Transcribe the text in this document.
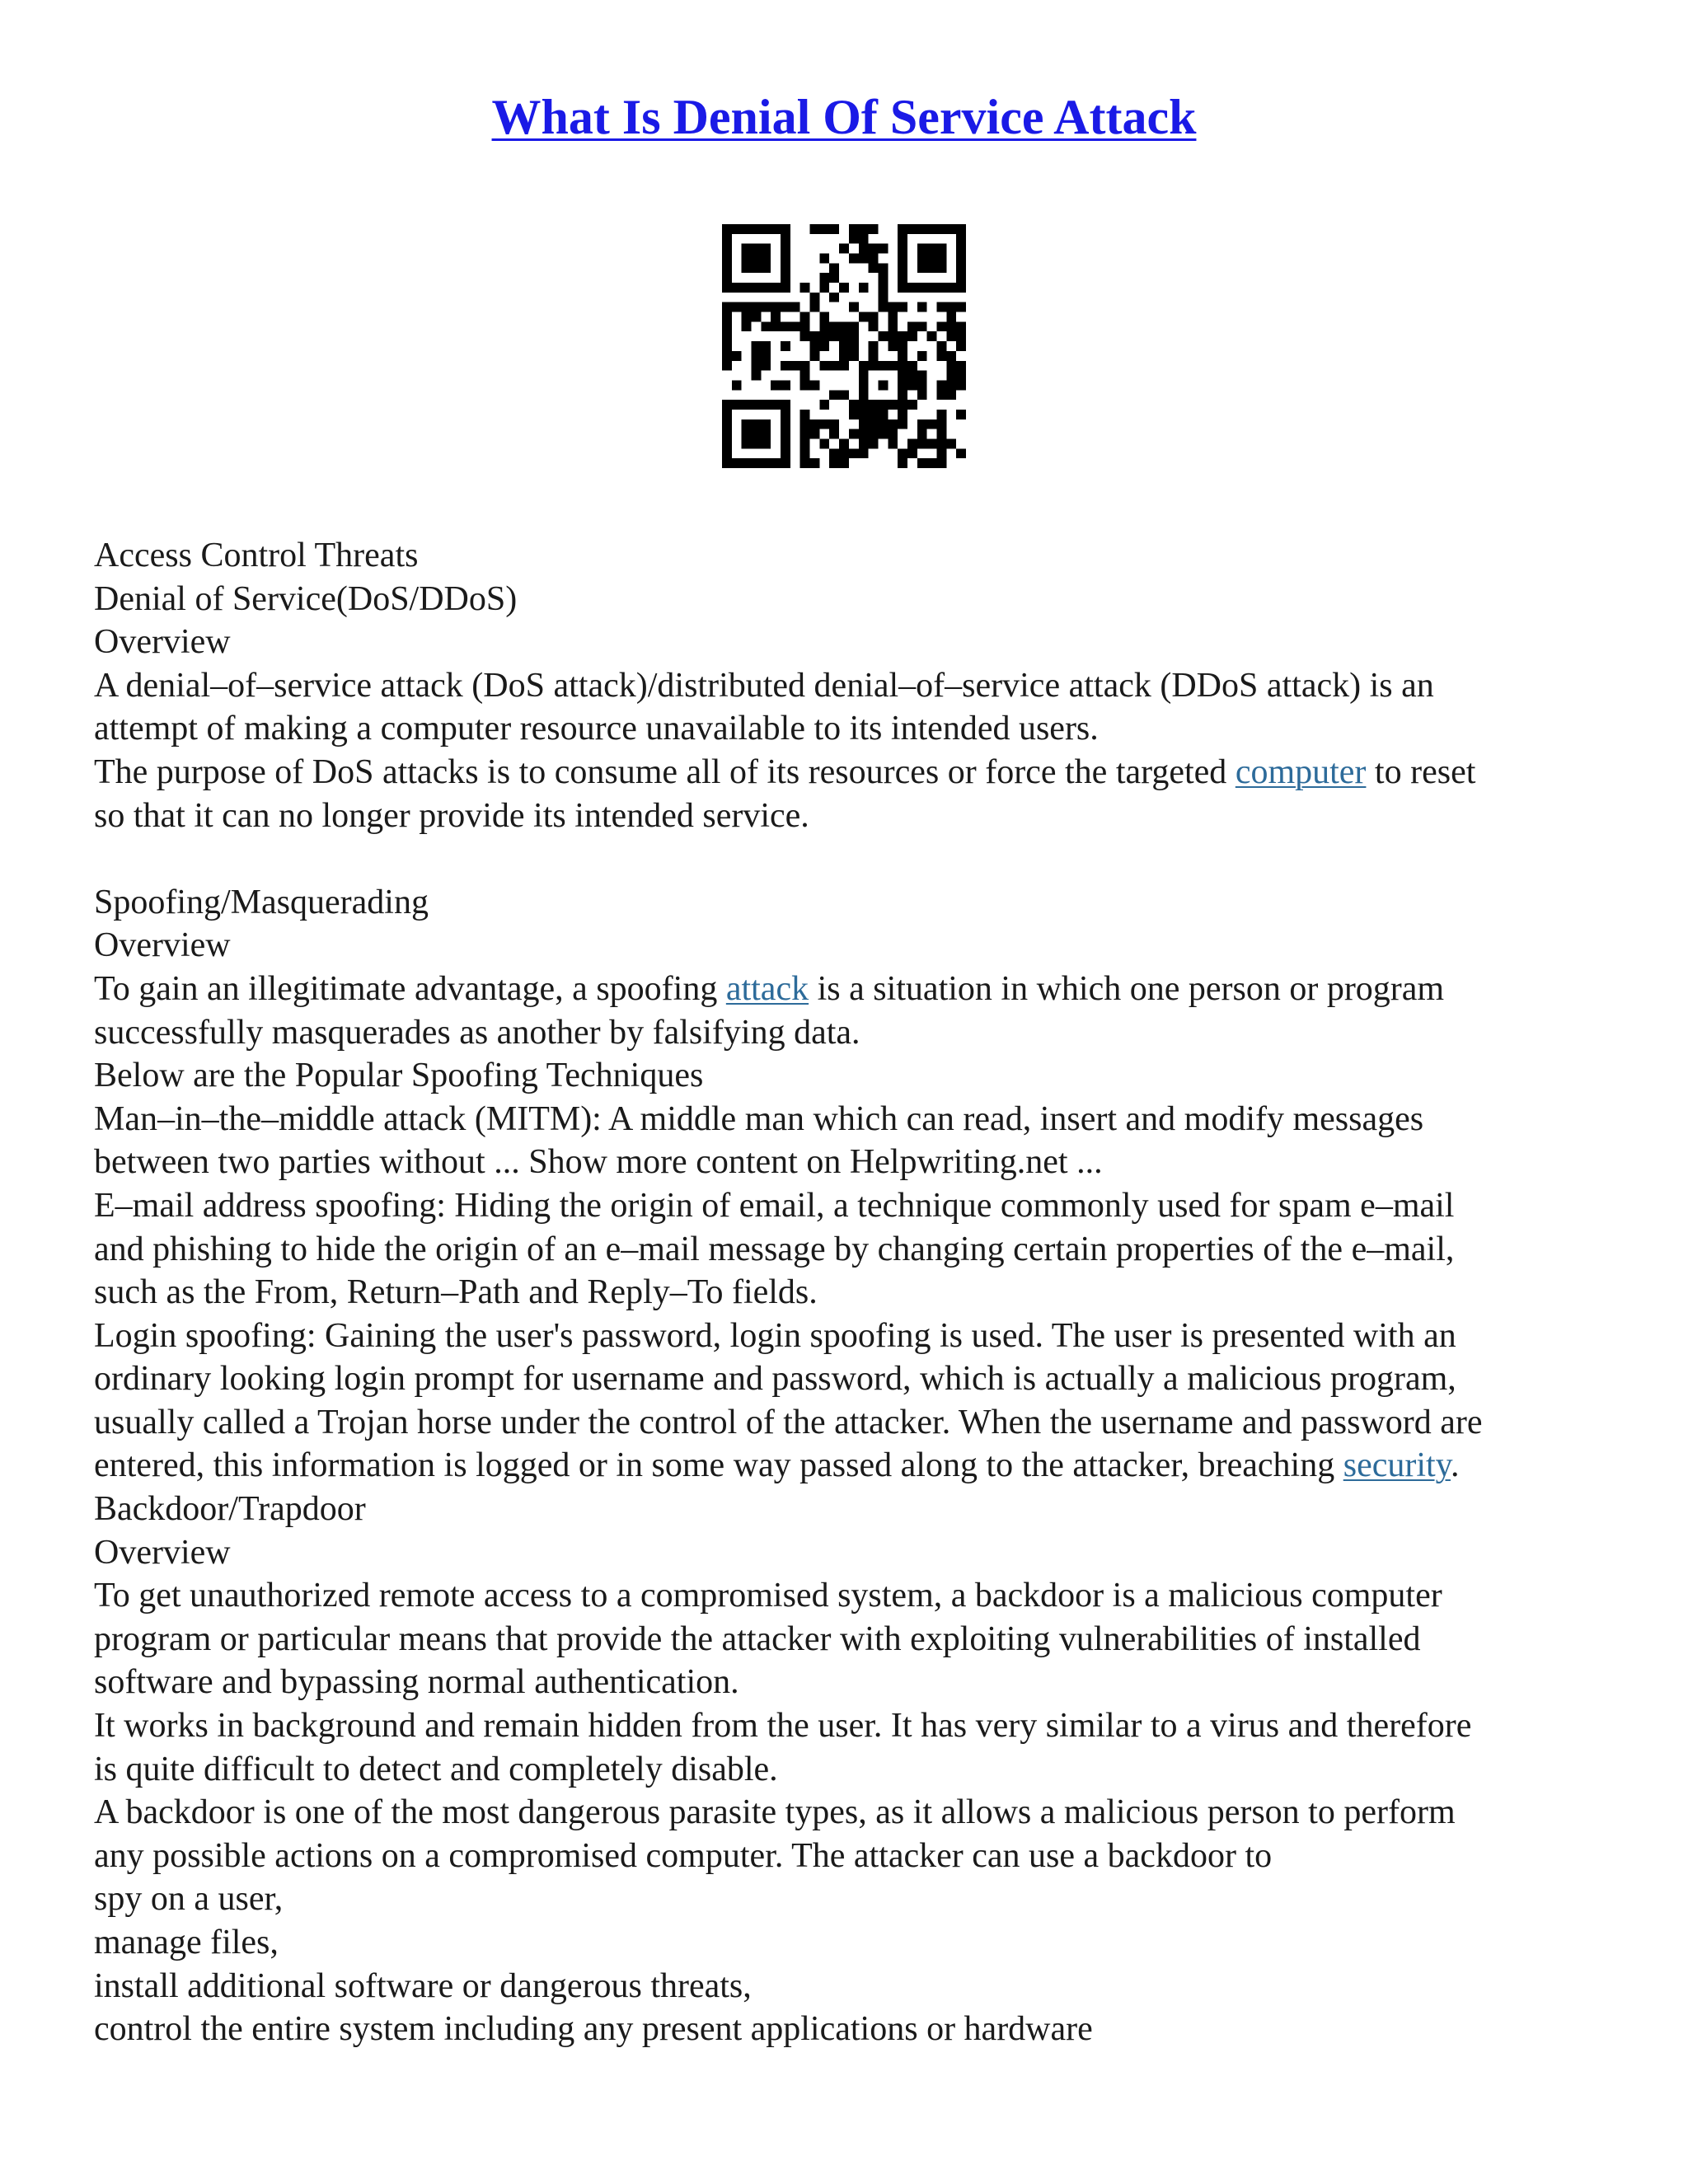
What Is Denial Of Service Attack
Access Control Threats
Denial of Service(DoS/DDoS)
Overview
A denial–of–service attack (DoS attack)/distributed denial–of–service attack (DDoS attack) is an
attempt of making a computer resource unavailable to its intended users.
The purpose of DoS attacks is to consume all of its resources or force the targeted computer to reset
so that it can no longer provide its intended service.
Spoofing/Masquerading
Overview
To gain an illegitimate advantage, a spoofing attack is a situation in which one person or program
successfully masquerades as another by falsifying data.
Below are the Popular Spoofing Techniques
Man–in–the–middle attack (MITM): A middle man which can read, insert and modify messages
between two parties without ... Show more content on Helpwriting.net ...
E–mail address spoofing: Hiding the origin of email, a technique commonly used for spam e–mail
and phishing to hide the origin of an e–mail message by changing certain properties of the e–mail,
such as the From, Return–Path and Reply–To fields.
Login spoofing: Gaining the user's password, login spoofing is used. The user is presented with an
ordinary looking login prompt for username and password, which is actually a malicious program,
usually called a Trojan horse under the control of the attacker. When the username and password are
entered, this information is logged or in some way passed along to the attacker, breaching security.
Backdoor/Trapdoor
Overview
To get unauthorized remote access to a compromised system, a backdoor is a malicious computer
program or particular means that provide the attacker with exploiting vulnerabilities of installed
software and bypassing normal authentication.
It works in background and remain hidden from the user. It has very similar to a virus and therefore
is quite difficult to detect and completely disable.
A backdoor is one of the most dangerous parasite types, as it allows a malicious person to perform
any possible actions on a compromised computer. The attacker can use a backdoor to
spy on a user,
manage files,
install additional software or dangerous threats,
control the entire system including any present applications or hardware
